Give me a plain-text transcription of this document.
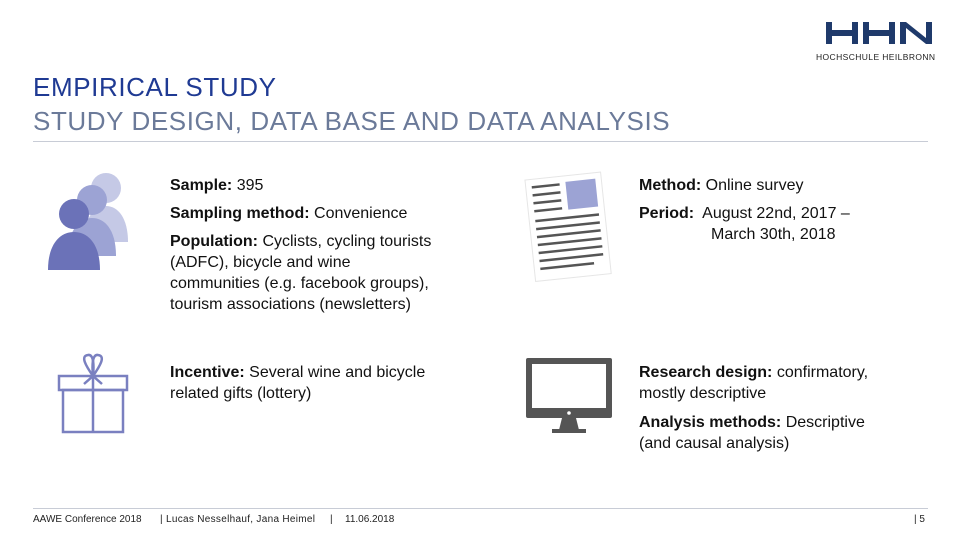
HOCHSCHULE HEILBRONN
EMPIRICAL STUDY
STUDY DESIGN, DATA BASE AND DATA ANALYSIS
Sample: 395
Sampling method: Convenience
Population: Cyclists, cycling tourists
(ADFC), bicycle and wine
communities (e.g. facebook groups),
tourism associations (newsletters)
Incentive: Several wine and bicycle
related gifts (lottery)
Method: Online survey
Period: August 22nd, 2017 –
March 30th, 2018
Research design: confirmatory,
mostly descriptive
Analysis methods: Descriptive
(and causal analysis)
AAWE Conference 2018 | Lucas Nesselhauf, Jana Heimel | 11.06.2018	| 5
